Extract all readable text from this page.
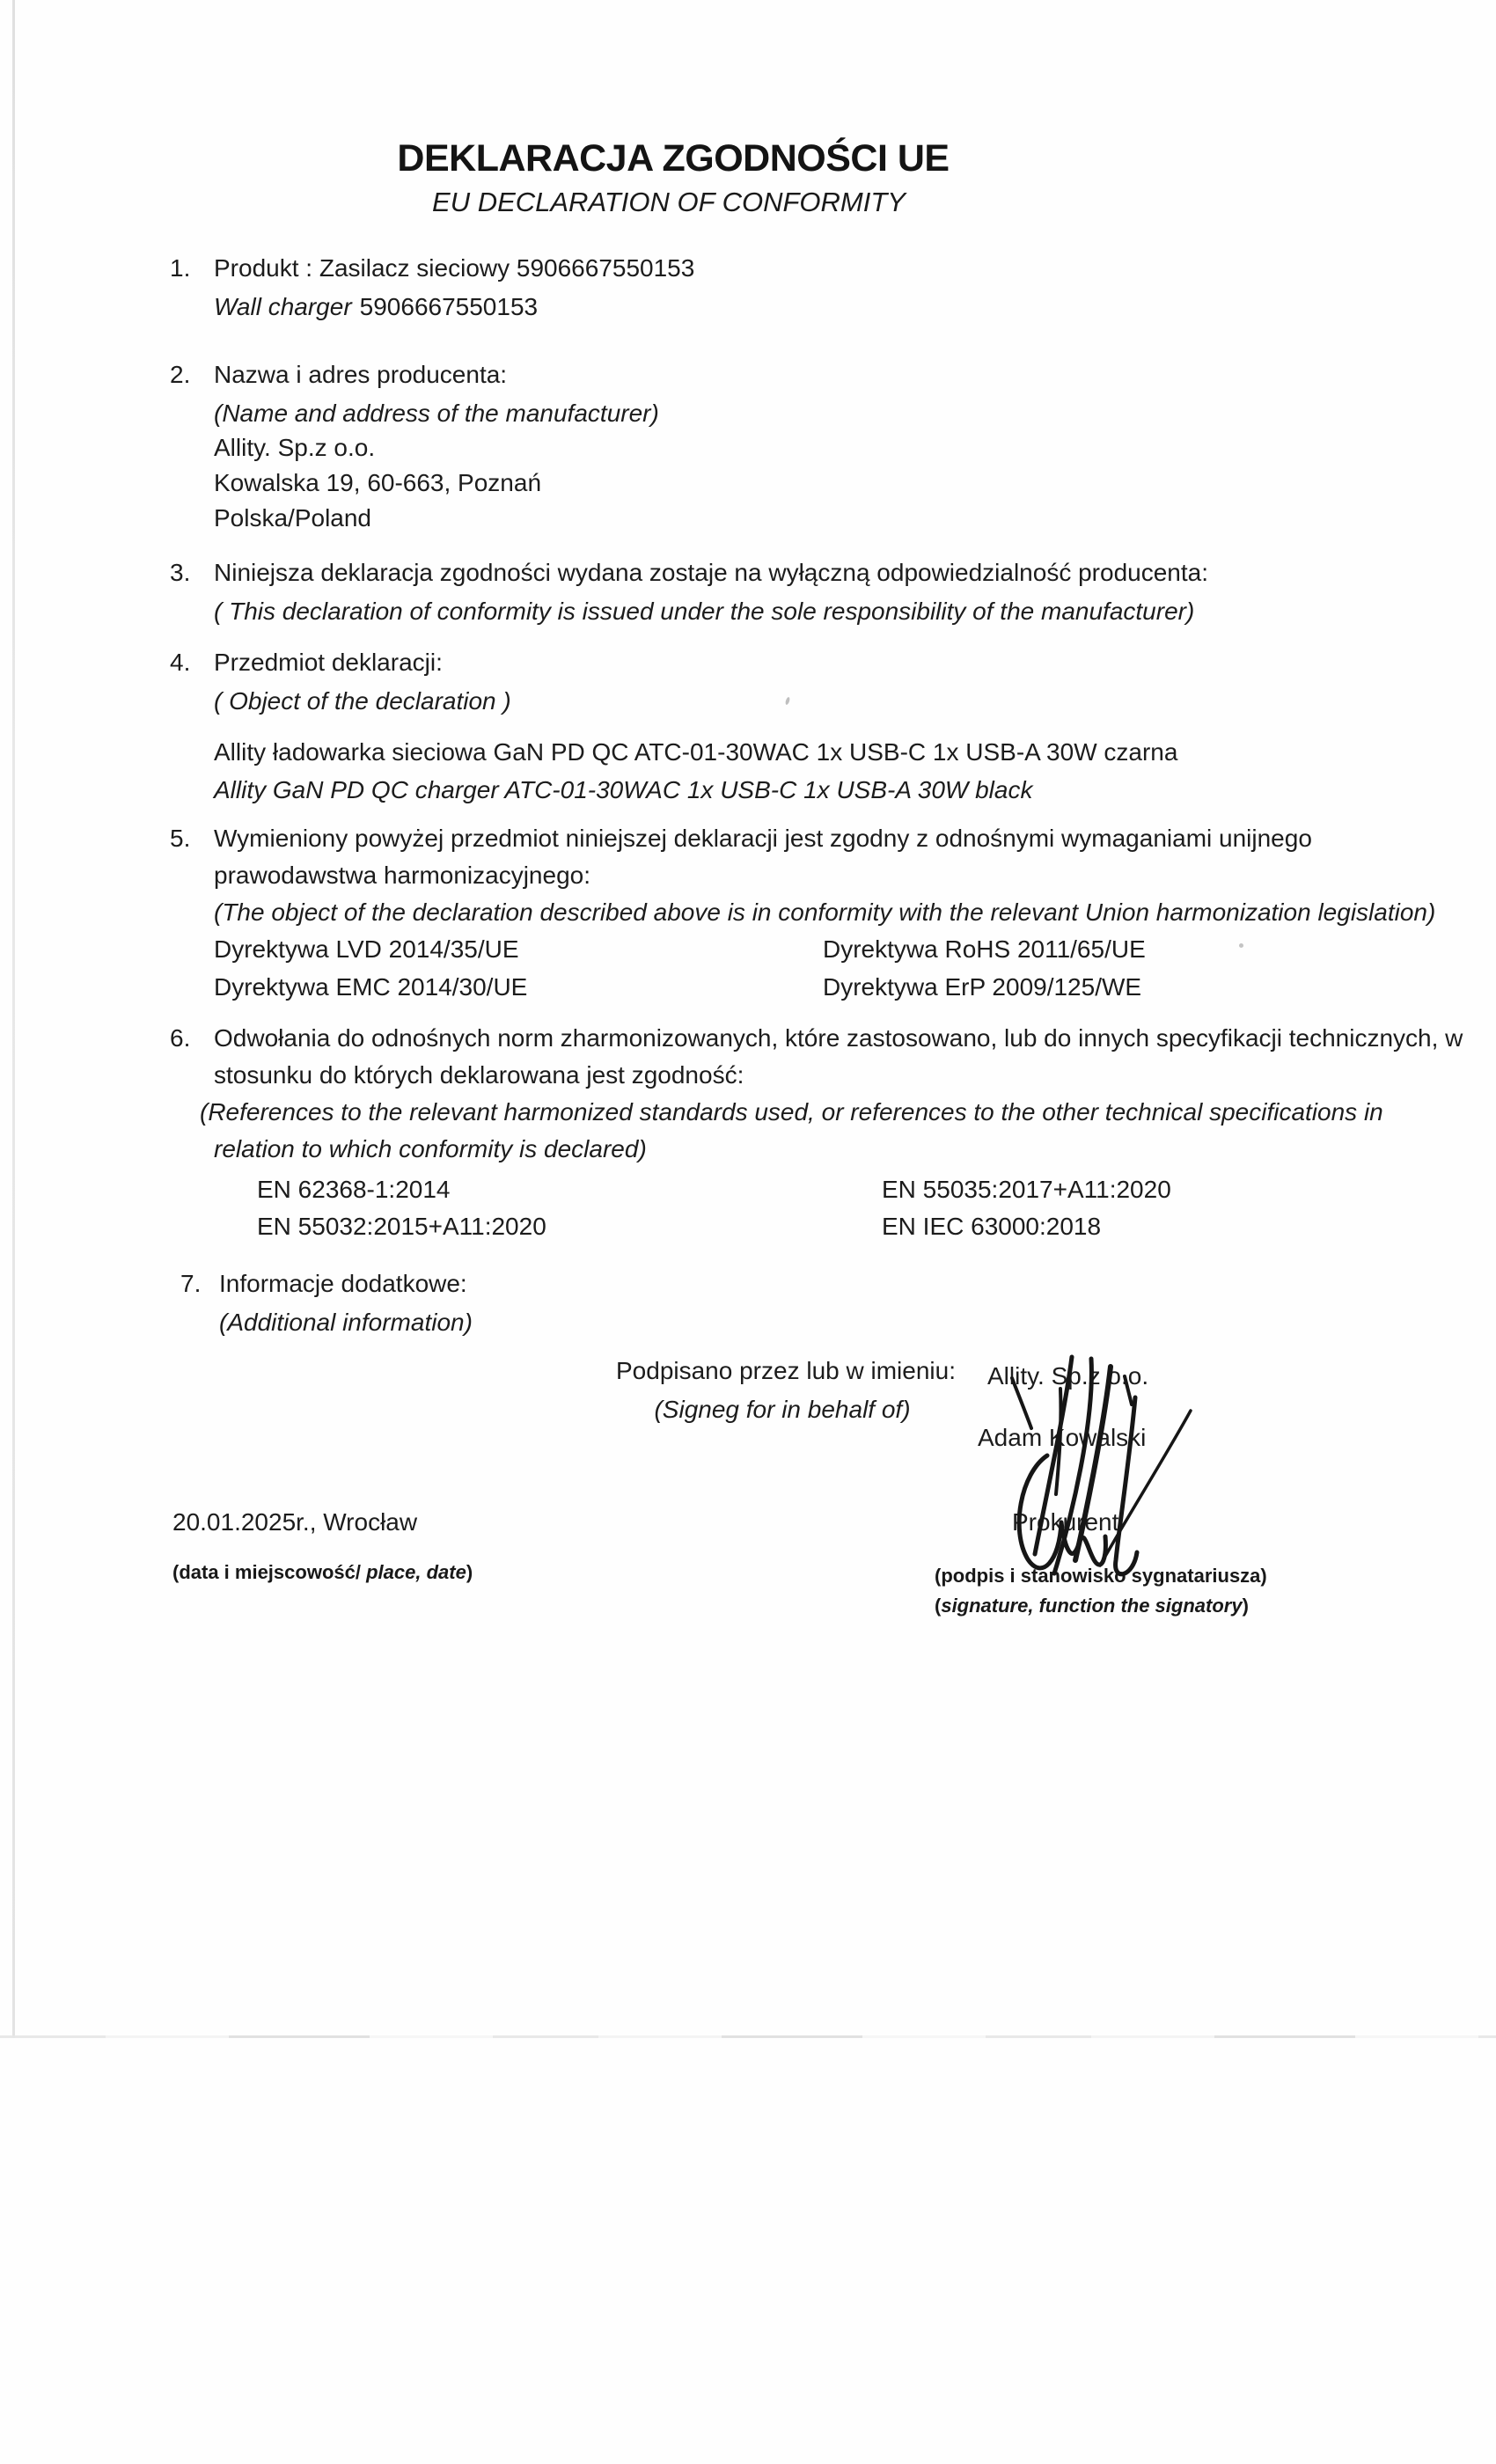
DEKLARACJA ZGODNOŚCI UE
EU DECLARATION OF CONFORMITY
1. Produkt : Zasilacz sieciowy 5906667550153
Wall charger 5906667550153
2. Nazwa i adres producenta:
(Name and address of the manufacturer)
Allity. Sp.z o.o.
Kowalska 19, 60-663, Poznań
Polska/Poland
3. Niniejsza deklaracja zgodności wydana zostaje na wyłączną odpowiedzialność producenta:
( This declaration of conformity is issued under the sole responsibility of the manufacturer)
4. Przedmiot deklaracji:
( Object of the declaration )
Allity ładowarka sieciowa GaN PD QC ATC-01-30WAC 1x USB-C 1x USB-A 30W czarna
Allity GaN PD QC charger ATC-01-30WAC 1x USB-C 1x USB-A 30W black
5. Wymieniony powyżej przedmiot niniejszej deklaracji jest zgodny z odnośnymi wymaganiami unijnego
prawodawstwa harmonizacyjnego:
(The object of the declaration described above is in conformity with the relevant Union harmonization legislation)
Dyrektywa LVD 2014/35/UE
Dyrektywa EMC 2014/30/UE
Dyrektywa RoHS 2011/65/UE
Dyrektywa ErP 2009/125/WE
6. Odwołania do odnośnych norm zharmonizowanych, które zastosowano, lub do innych specyfikacji technicznych, w
stosunku do których deklarowana jest zgodność:
(References to the relevant harmonized standards used, or references to the other technical specifications in
relation to which conformity is declared)
EN 62368-1:2014
EN 55032:2015+A11:2020
EN 55035:2017+A11:2020
EN IEC 63000:2018
7. Informacje dodatkowe:
(Additional information)
Podpisano przez lub w imieniu:
(Signeg for in behalf of)
Allity. Sp.z o.o.
Adam Kowalski
Prokurent
20.01.2025r., Wrocław
(data i miejscowość/ place, date)	(podpis i stanowisko sygnatariusza)
(signature, function the signatory)
